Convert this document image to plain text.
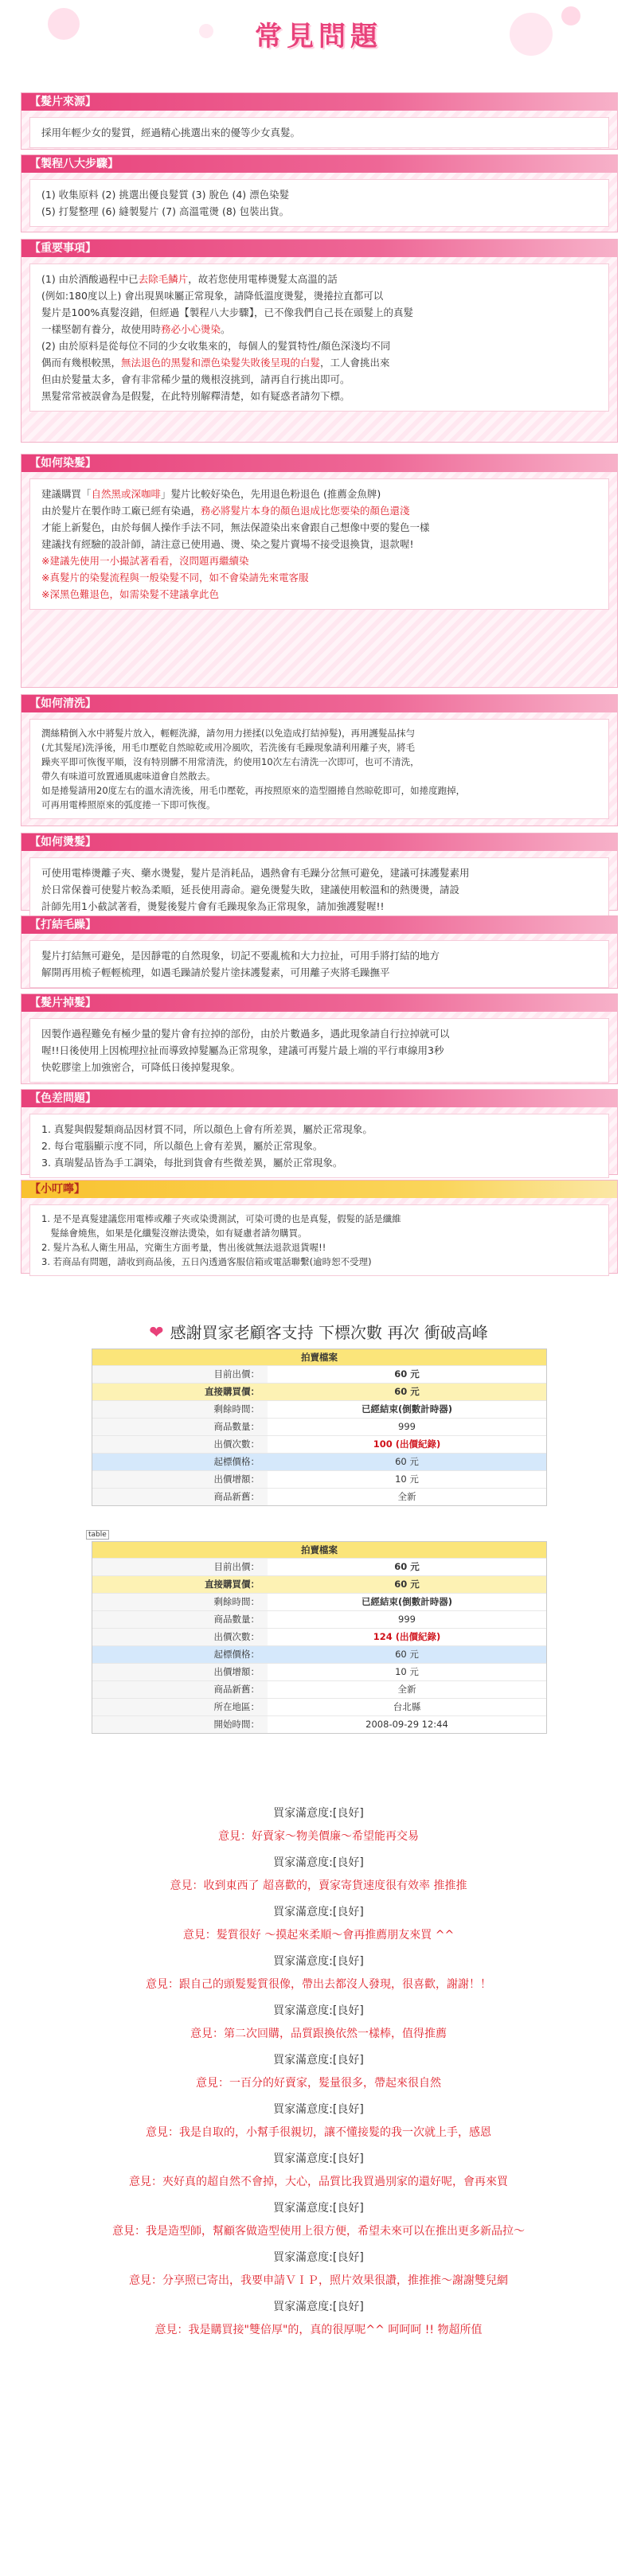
常見問題
【髮片來源】

採用年輕少女的髮質，經過精心挑選出來的優等少女真髮。

【製程八大步驟】

(1) 收集原料 (2) 挑選出優良髮質 (3) 脫色 (4) 漂色染髮

(5) 打髮整理 (6) 縫製髮片 (7) 高溫電燙 (8) 包裝出貨。

【重要事項】

(1) 由於酒酸過程中已去除毛鱗片，故若您使用電棒燙髮太高溫的話

(例如:180度以上) 會出現異味屬正常現象，請降低溫度燙髮，燙捲拉直都可以

髮片是100%真髮沒錯，但經過【製程八大步驟】，已不像我們自己長在頭髮上的真髮

一樣堅韌有養分，故使用時務必小心燙染。

(2) 由於原料是從每位不同的少女收集來的，每個人的髮質特性/顏色深淺均不同

偶而有幾根較黑，無法退色的黑髮和漂色染髮失敗後呈現的白髮，工人會挑出來

但由於髮量太多，會有非常稀少量的幾根沒挑到，請再自行挑出即可。

黑髮常常被誤會為是假髮，在此特別解釋清楚，如有疑惑者請勿下標。

【如何染髮】

建議購買「自然黑或深咖啡」髮片比較好染色，先用退色粉退色 (推薦金魚牌)

由於髮片在製作時工廠已經有染過，務必將髮片本身的顏色退成比您要染的顏色還淺

才能上新髮色，由於每個人操作手法不同，無法保證染出來會跟自己想像中要的髮色一樣

建議找有經驗的設計師，請注意已使用過、燙、染之髮片賣場不接受退換貨，退款喔!

※建議先使用一小撮試著看看，沒問題再繼續染

※真髮片的染髮流程與一般染髮不同，如不會染請先來電客服

※深黑色難退色，如需染髮不建議拿此色

【如何清洗】

潤絲精倒入水中將髮片放入，輕輕洗滌，請勿用力搓揉(以免造成打結掉髮)，再用護髮品抹勻

(尤其髮尾)洗淨後，用毛巾壓乾自然晾乾或用冷風吹，若洗後有毛躁現象請利用離子夾，將毛

躁夾平即可恢復平順，沒有特別髒不用常清洗，約使用10次左右清洗一次即可，也可不清洗，

帶久有味道可放置通風處味道會自然散去。

如是捲髮請用20度左右的溫水清洗後，用毛巾壓乾，再按照原來的造型圈捲自然晾乾即可，如捲度跑掉，

可再用電棒照原來的弧度捲一下即可恢復。

【如何燙髮】

可使用電棒燙離子夾、藥水燙髮，髮片是消耗品，遇熱會有毛躁分岔無可避免，建議可抹護髮素用

於日常保養可使髮片較為柔順，延長使用壽命。避免燙髮失敗，建議使用較溫和的熱燙燙，請設

計師先用1小截試著看，燙髮後髮片會有毛躁現象為正常現象，請加強護髮喔!!

【打結毛躁】

髮片打結無可避免，是因靜電的自然現象，切記不要亂梳和大力拉扯，可用手將打結的地方

解開再用梳子輕輕梳理，如遇毛躁請於髮片塗抹護髮素，可用離子夾將毛躁撫平

【髮片掉髮】

因製作過程難免有極少量的髮片會有拉掉的部份，由於片數過多，遇此現象請自行拉掉就可以

喔!!日後使用上因梳理拉扯而導致掉髮屬為正常現象，建議可再髮片最上端的平行車線用3秒

快乾膠塗上加強密合，可降低日後掉髮現象。

【色差問題】

1. 真髮與假髮類商品因材質不同，所以顏色上會有所差異，屬於正常現象。

2. 每台電腦顯示度不同，所以顏色上會有差異，屬於正常現象。

3. 真瑞髮品皆為手工調染，每批到貨會有些微差異，屬於正常現象。

【小叮嚀】

1. 是不是真髮建議您用電棒或離子夾或染燙測試，可染可燙的也是真髮，假髮的話是纖維

　髮絲會燒焦，如果是化纖髮沒辦法燙染，如有疑慮者請勿購買。

2. 髮片為私人衛生用品，究衛生方面考量，售出後就無法退款退貨喔!!

3. 若商品有問題，請收到商品後，五日內透過客服信箱或電話聯繫(逾時恕不受理)

❤ 感謝買家老顧客支持 下標次數 再次 衝破高峰
拍賣檔案
目前出價：	60 元
直接購買價：	60 元
剩餘時間：	已經結束(倒數計時器)
商品數量：	999
出價次數：	100 (出價紀錄)
起標價格：	60 元
出價增額：	10 元
商品新舊：	全新
table
拍賣檔案
目前出價：	60 元
直接購買價：	60 元
剩餘時間：	已經結束(倒數計時器)
商品數量：	999
出價次數：	124 (出價紀錄)
起標價格：	60 元
出價增額：	10 元
商品新舊：	全新
所在地區：	台北縣
開始時間：	2008-09-29 12:44
買家滿意度:[良好]
意見：好賣家～物美價廉～希望能再交易
買家滿意度:[良好]
意見：收到東西了 超喜歡的，賣家寄貨速度很有效率 推推推
買家滿意度:[良好]
意見：髮質很好 ～摸起來柔順～會再推薦朋友來買 ^^
買家滿意度:[良好]
意見：跟自己的頭髮髮質很像，帶出去都沒人發現，很喜歡，謝謝！！
買家滿意度:[良好]
意見：第二次回購，品質跟換依然一樣棒，值得推薦
買家滿意度:[良好]
意見：一百分的好賣家，髮量很多，帶起來很自然
買家滿意度:[良好]
意見：我是自取的，小幫手很親切，讓不懂接髮的我一次就上手，感恩
買家滿意度:[良好]
意見：夾好真的超自然不會掉，大心，品質比我買過別家的還好呢，會再來買
買家滿意度:[良好]
意見：我是造型師，幫顧客做造型使用上很方便，希望未來可以在推出更多新品拉～
買家滿意度:[良好]
意見：分享照已寄出，我要申請ＶＩＰ，照片效果很讚，推推推～謝謝雙兒網
買家滿意度:[良好]
意見：我是購買接"雙倍厚"的，真的很厚呢^^ 呵呵呵 !! 物超所值
